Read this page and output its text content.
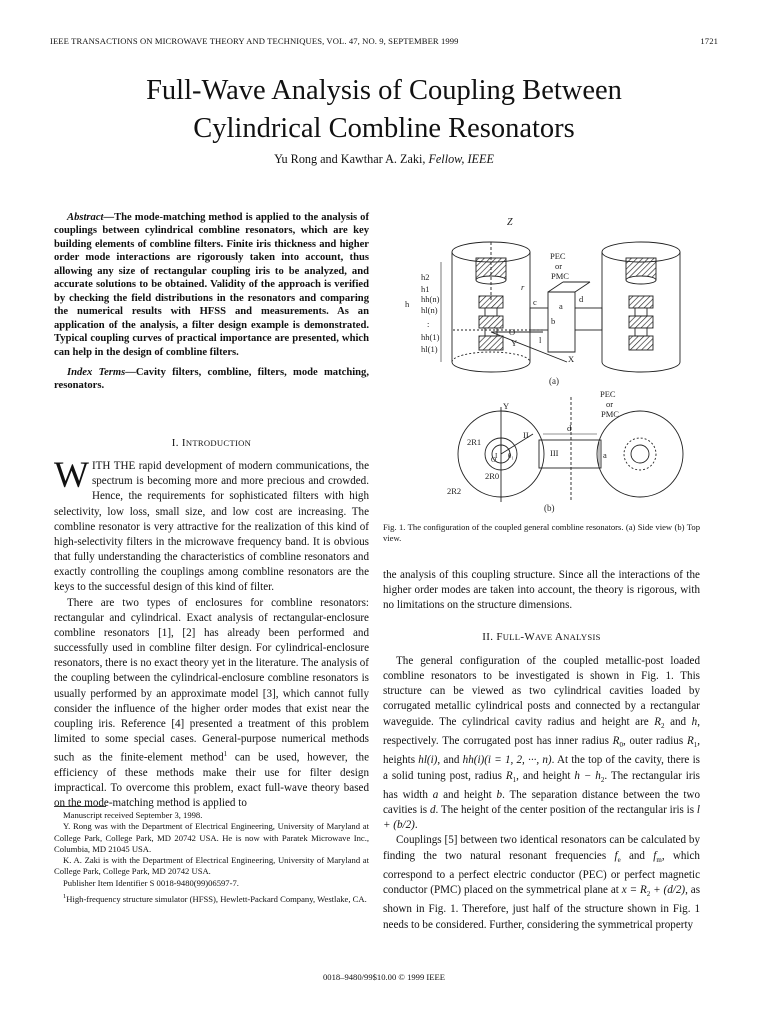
IEEE TRANSACTIONS ON MICROWAVE THEORY AND TECHNIQUES, VOL. 47, NO. 9, SEPTEMBER 1999	1721
Full-Wave Analysis of Coupling Between
Cylindrical Combline Resonators
Yu Rong and Kawthar A. Zaki, Fellow, IEEE

Abstract—The mode-matching method is applied to the analysis of couplings between cylindrical combline resonators, which are key building elements of combline filters. Finite iris thickness and higher order mode interactions are rigorously taken into account, thus allowing any size of rectangular coupling iris to be analyzed, and accurate solutions to be obtained. Validity of the approach is verified by checking the field distributions in the resonators and comparing the numerical results with HFSS and measurements. As an application of the analysis, a filter design example is demonstrated. Typical coupling curves of practical importance are presented, which can help in the design of combline filters.

Index Terms—Cavity filters, combline, filters, mode matching, resonators.

I. INTRODUCTION

WITH THE rapid development of modern communications, the spectrum is becoming more and more precious and crowded. Hence, the requirements for sophisticated filters with high selectivity, low loss, small size, and low cost are increasing. The combline resonator is very attractive for the realization of this kind of high-selectivity filters in the microwave frequency band. It is obvious that fully understanding the characteristics of combline resonators and exactly controlling the couplings among combline resonators are the keys to the successful design of this kind of filter.

There are two types of enclosures for combline resonators: rectangular and cylindrical. Exact analysis of rectangular-enclosure combline resonators [1], [2] has already been performed and successfully used in combline filter design. For cylindrical-enclosure resonators, there is no exact theory yet in the literature. The analysis of the coupling between the cylindrical-enclosure combline resonators is usually performed by an approximate model [3], which cannot fully consider the influence of the higher order modes that exist near the coupling iris. Reference [4] presented a treatment of this problem limited to some special cases. General-purpose numerical methods such as the finite-element method$^1$ can be used, however, the efficiency of these methods make their use for filter design impractical. To overcome this problem, exact full-wave theory based on the mode-matching method is applied to

Manuscript received September 3, 1998.

Y. Rong was with the Department of Electrical Engineering, University of Maryland at College Park, College Park, MD 20742 USA. He is now with Paratek Microwave Inc., Columbia, MD 21045 USA.

K. A. Zaki is with the Department of Electrical Engineering, University of Maryland at College Park, College Park, MD 20742 USA.

Publisher Item Identifier S 0018-9480(99)06597-7.

$^1$High-frequency structure simulator (HFSS), Hewlett-Packard Company, Westlake, CA.

Z
PEC
or
PMC
h2
h1
hh(n)
h
hl(n)
:
hh(1)
hl(1)
O
Y	l
X
r
a
b
c	d
(a)
PEC
or
PMC
Y
2R1
2R0
2R2
II
III
I θ₁
d
a
O
(b)
Fig. 1. The configuration of the coupled general combline resonators. (a) Side view (b) Top view.
the analysis of this coupling structure. Since all the interactions of the higher order modes are taken into account, the theory is rigorous, with no limitations on the structure dimensions.
II. FULL-WAVE ANALYSIS

The general configuration of the coupled metallic-post loaded combline resonators to be investigated is shown in Fig. 1. This structure can be viewed as two cylindrical cavities loaded by corrugated metallic cylindrical posts and connected by a rectangular waveguide. The cylindrical cavity radius and height are $R_2$ and h, respectively. The corrugated post has inner radius $R_0$, outer radius $R_1$, heights hl(i), and hh(i)(i = 1, 2, ···, n). At the top of the cavity, there is a solid tuning post, radius $R_1$, and height $h - h_2$. The rectangular iris has width a and height b. The separation distance between the two cavities is d. The height of the center position of the rectangular iris is l + (b/2).

Couplings [5] between two identical resonators can be calculated by finding the two natural resonant frequencies $f_e$ and $f_m$, which correspond to a perfect electric conductor (PEC) or perfect magnetic conductor (PMC) placed on the symmetrical plane at $x = R_2 + (d/2)$, as shown in Fig. 1. Therefore, just half of the structure shown in Fig. 1 needs to be considered. Further, considering the symmetrical property

0018–9480/99$10.00 © 1999 IEEE
